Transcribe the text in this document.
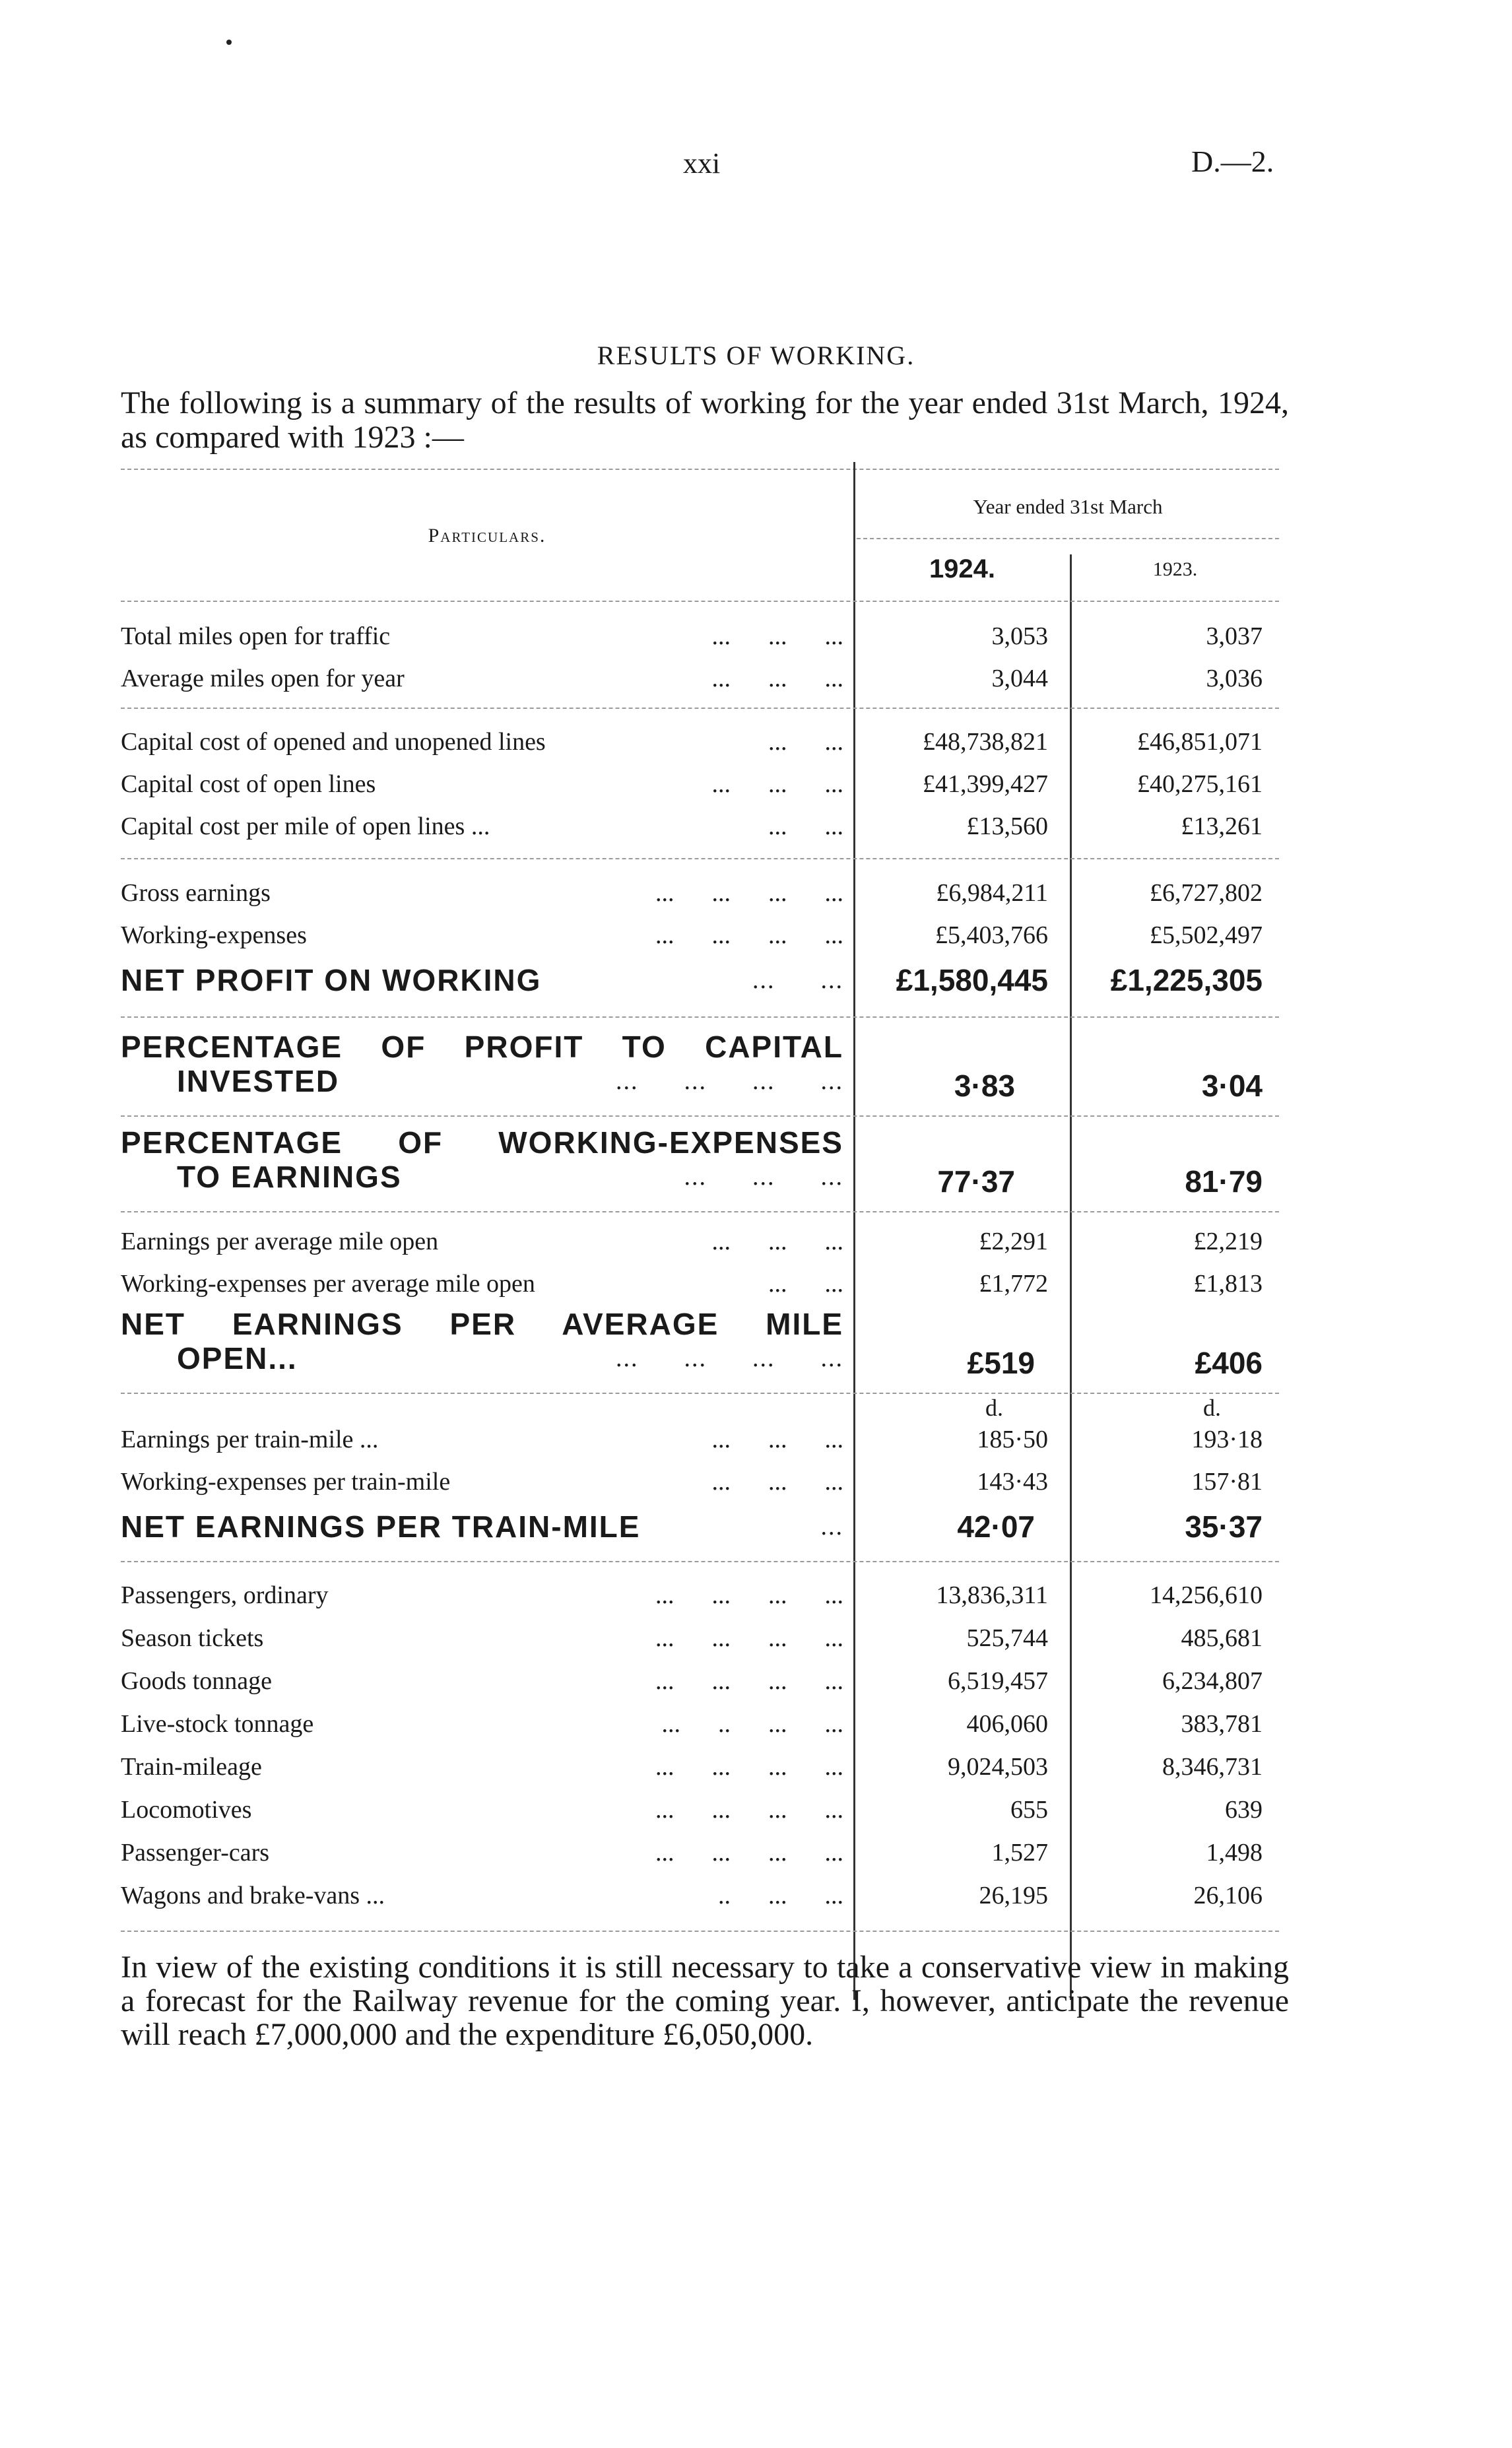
xxi	D.—2.
RESULTS OF WORKING.
The following is a summary of the results of working for the year ended 31st March, 1924, as compared with 1923 :—
Year ended 31st March
Particulars.
1924.	1923.
Total miles open for traffic	...      ...      ...	3,053	3,037
Average miles open for year	...      ...      ...	3,044	3,036
Capital cost of opened and unopened lines	...      ...	£48,738,821	£46,851,071
Capital cost of open lines	...      ...      ...	£41,399,427	£40,275,161
Capital cost per mile of open lines ...	...      ...	£13,560	£13,261
Gross earnings	...      ...      ...      ...	£6,984,211	£6,727,802
Working-expenses	...      ...      ...      ...	£5,403,766	£5,502,497
NET PROFIT ON WORKING	...      ...	£1,580,445	£1,225,305
PERCENTAGE OF PROFIT TO CAPITAL
INVESTED	...      ...      ...      ...	3·83	3·04
PERCENTAGE OF WORKING-EXPENSES
TO EARNINGS	...      ...      ...	77·37	81·79
Earnings per average mile open	...      ...      ...	£2,291	£2,219
Working-expenses per average mile open	...      ...	£1,772	£1,813
NET EARNINGS PER AVERAGE MILE
OPEN...	...      ...      ...      ...	£519	£406
d.	d.
Earnings per train-mile ...	...      ...      ...	185·50	193·18
Working-expenses per train-mile	...      ...      ...	143·43	157·81
NET EARNINGS PER TRAIN-MILE	...	42·07	35·37
Passengers, ordinary	...      ...      ...      ...	13,836,311	14,256,610
Season tickets	...      ...      ...      ...	525,744	485,681
Goods tonnage	...      ...      ...      ...	6,519,457	6,234,807
Live-stock tonnage	...      ..      ...      ...	406,060	383,781
Train-mileage	...      ...      ...      ...	9,024,503	8,346,731
Locomotives	...      ...      ...      ...	655	639
Passenger-cars	...      ...      ...      ...	1,527	1,498
Wagons and brake-vans ...	..      ...      ...	26,195	26,106
In view of the existing conditions it is still necessary to take a conservative view in making a forecast for the Railway revenue for the coming year. I, however, anticipate the revenue will reach £7,000,000 and the expenditure £6,050,000.
